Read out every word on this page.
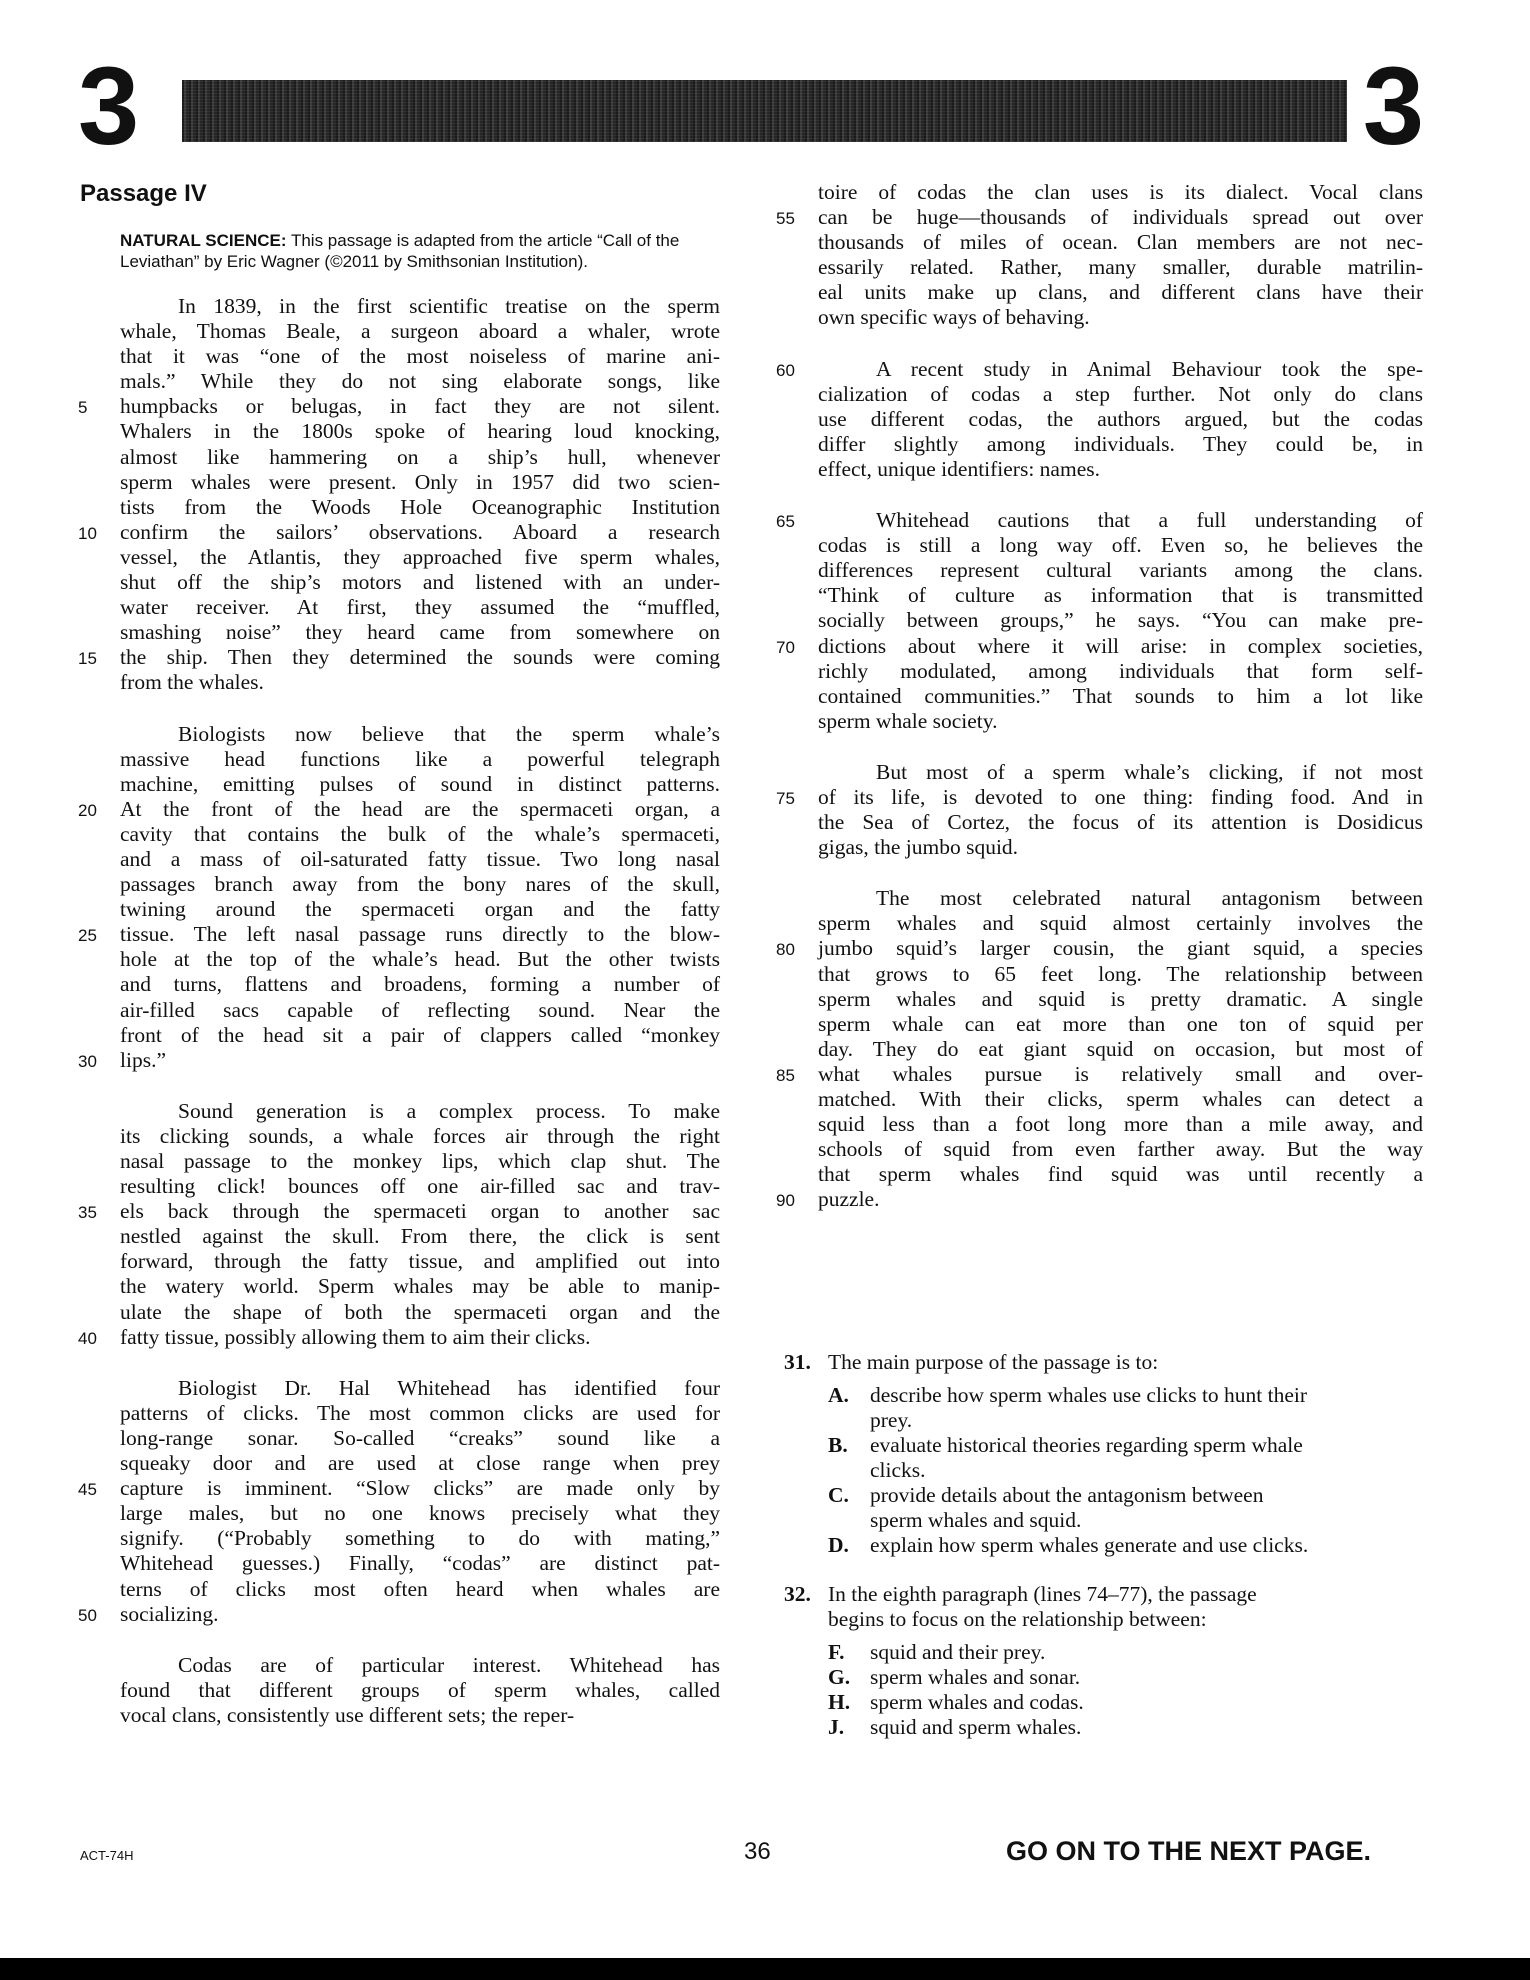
3	3
Passage IV
NATURAL SCIENCE: This passage is adapted from the article “Call of the Leviathan” by Eric Wagner (©2011 by Smithsonian Institution).
In 1839, in the first scientific treatise on the sperm
whale, Thomas Beale, a surgeon aboard a whaler, wrote
that it was “one of the most noiseless of marine ani-
mals.” While they do not sing elaborate songs, like
5 humpbacks or belugas, in fact they are not silent.
Whalers in the 1800s spoke of hearing loud knocking,
almost like hammering on a ship’s hull, whenever
sperm whales were present. Only in 1957 did two scien-
tists from the Woods Hole Oceanographic Institution
10 confirm the sailors’ observations. Aboard a research
vessel, the Atlantis, they approached five sperm whales,
shut off the ship’s motors and listened with an under-
water receiver. At first, they assumed the “muffled,
smashing noise” they heard came from somewhere on
15 the ship. Then they determined the sounds were coming
from the whales.
Biologists now believe that the sperm whale’s
massive head functions like a powerful telegraph
machine, emitting pulses of sound in distinct patterns.
20 At the front of the head are the spermaceti organ, a
cavity that contains the bulk of the whale’s spermaceti,
and a mass of oil-saturated fatty tissue. Two long nasal
passages branch away from the bony nares of the skull,
twining around the spermaceti organ and the fatty
25 tissue. The left nasal passage runs directly to the blow-
hole at the top of the whale’s head. But the other twists
and turns, flattens and broadens, forming a number of
air-filled sacs capable of reflecting sound. Near the
front of the head sit a pair of clappers called “monkey
30 lips.”
Sound generation is a complex process. To make
its clicking sounds, a whale forces air through the right
nasal passage to the monkey lips, which clap shut. The
resulting click! bounces off one air-filled sac and trav-
35 els back through the spermaceti organ to another sac
nestled against the skull. From there, the click is sent
forward, through the fatty tissue, and amplified out into
the watery world. Sperm whales may be able to manip-
ulate the shape of both the spermaceti organ and the
40 fatty tissue, possibly allowing them to aim their clicks.
Biologist Dr. Hal Whitehead has identified four
patterns of clicks. The most common clicks are used for
long-range sonar. So-called “creaks” sound like a
squeaky door and are used at close range when prey
45 capture is imminent. “Slow clicks” are made only by
large males, but no one knows precisely what they
signify. (“Probably something to do with mating,”
Whitehead guesses.) Finally, “codas” are distinct pat-
terns of clicks most often heard when whales are
50 socializing.
Codas are of particular interest. Whitehead has
found that different groups of sperm whales, called
vocal clans, consistently use different sets; the reper-
toire of codas the clan uses is its dialect. Vocal clans
55 can be huge—thousands of individuals spread out over
thousands of miles of ocean. Clan members are not nec-
essarily related. Rather, many smaller, durable matrilin-
eal units make up clans, and different clans have their
own specific ways of behaving.
60	A recent study in Animal Behaviour took the spe-
cialization of codas a step further. Not only do clans
use different codas, the authors argued, but the codas
differ slightly among individuals. They could be, in
effect, unique identifiers: names.
65	Whitehead cautions that a full understanding of
codas is still a long way off. Even so, he believes the
differences represent cultural variants among the clans.
“Think of culture as information that is transmitted
socially between groups,” he says. “You can make pre-
70 dictions about where it will arise: in complex societies,
richly modulated, among individuals that form self-
contained communities.” That sounds to him a lot like
sperm whale society.
But most of a sperm whale’s clicking, if not most
75 of its life, is devoted to one thing: finding food. And in
the Sea of Cortez, the focus of its attention is Dosidicus
gigas, the jumbo squid.
The most celebrated natural antagonism between
sperm whales and squid almost certainly involves the
80 jumbo squid’s larger cousin, the giant squid, a species
that grows to 65 feet long. The relationship between
sperm whales and squid is pretty dramatic. A single
sperm whale can eat more than one ton of squid per
day. They do eat giant squid on occasion, but most of
85 what whales pursue is relatively small and over-
matched. With their clicks, sperm whales can detect a
squid less than a foot long more than a mile away, and
schools of squid from even farther away. But the way
that sperm whales find squid was until recently a
90 puzzle.
31. The main purpose of the passage is to:
A. describe how sperm whales use clicks to hunt their
prey.
B. evaluate historical theories regarding sperm whale
clicks.
C. provide details about the antagonism between
sperm whales and squid.
D. explain how sperm whales generate and use clicks.
32. In the eighth paragraph (lines 74–77), the passage
begins to focus on the relationship between:
F. squid and their prey.
G. sperm whales and sonar.
H. sperm whales and codas.
J. squid and sperm whales.
ACT-74H	36	GO ON TO THE NEXT PAGE.
